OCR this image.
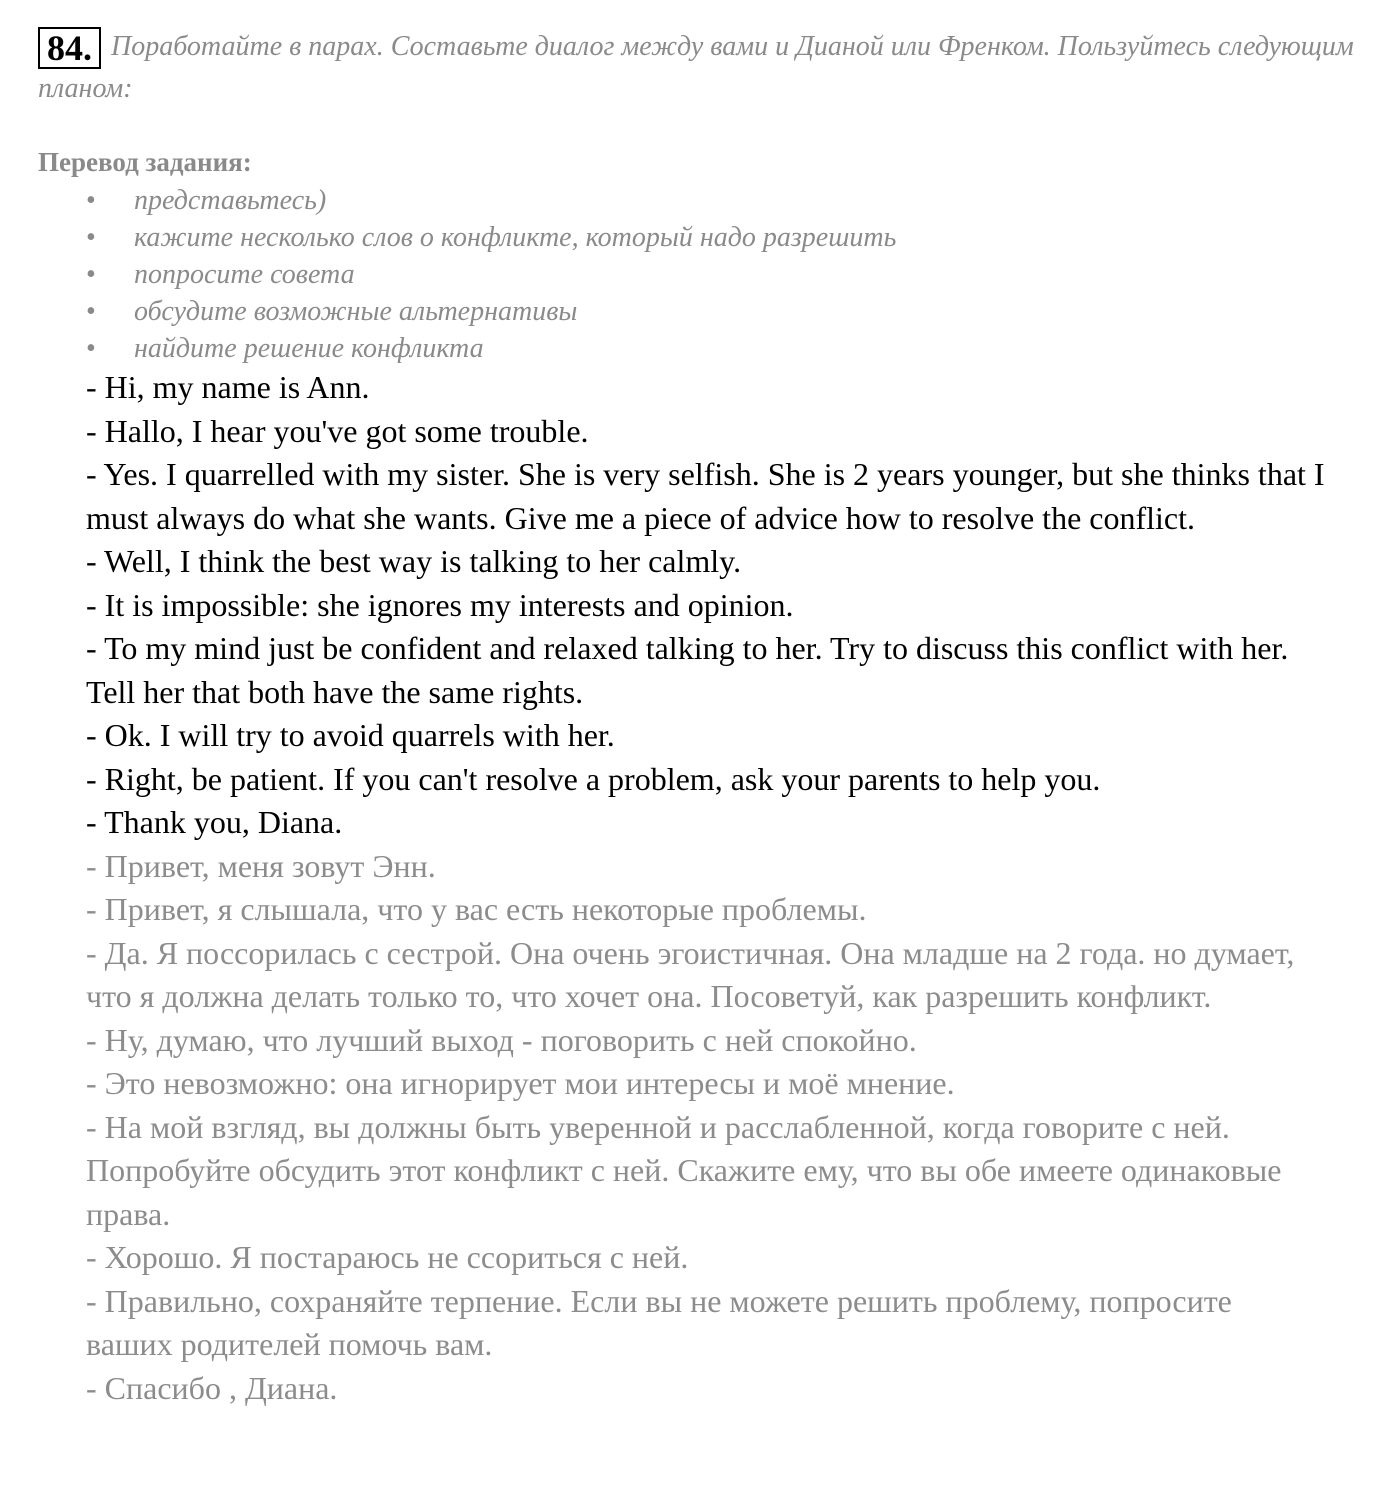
84. Поработайте в парах. Составьте диалог между вами и Дианой или Френком. Пользуйтесь следующим планом:
Перевод задания:
• представьтесь)
• кажите несколько слов о конфликте, который надо разрешить
• попросите совета
• обсудите возможные альтернативы
• найдите решение конфликта

- Hi, my name is Ann.

- Hallo, I hear you've got some trouble.

- Yes. I quarrelled with my sister. She is very selfish. She is 2 years younger, but she thinks that I must always do what she wants. Give me a piece of advice how to resolve the conflict.

- Well, I think the best way is talking to her calmly.

- It is impossible: she ignores my interests and opinion.

- To my mind just be confident and relaxed talking to her. Try to discuss this conflict with her. Tell her that both have the same rights.

- Ok. I will try to avoid quarrels with her.

- Right, be patient. If you can't resolve a problem, ask your parents to help you.

- Thank you, Diana.

- Привет, меня зовут Энн.

- Привет, я слышала, что у вас есть некоторые проблемы.

- Да. Я поссорилась с сестрой. Она очень эгоистичная. Она младше на 2 года. но думает, что я должна делать только то, что хочет она. Посоветуй, как разрешить конфликт.

- Ну, думаю, что лучший выход - поговорить с ней спокойно.

- Это невозможно: она игнорирует мои интересы и моё мнение.

- На мой взгляд, вы должны быть уверенной и расслабленной, когда говорите с ней. Попробуйте обсудить этот конфликт с ней. Скажите ему, что вы обе имеете одинаковые права.

- Хорошо. Я постараюсь не ссориться с ней.

- Правильно, сохраняйте терпение. Если вы не можете решить проблему, попросите ваших родителей помочь вам.

- Спасибо , Диана.
